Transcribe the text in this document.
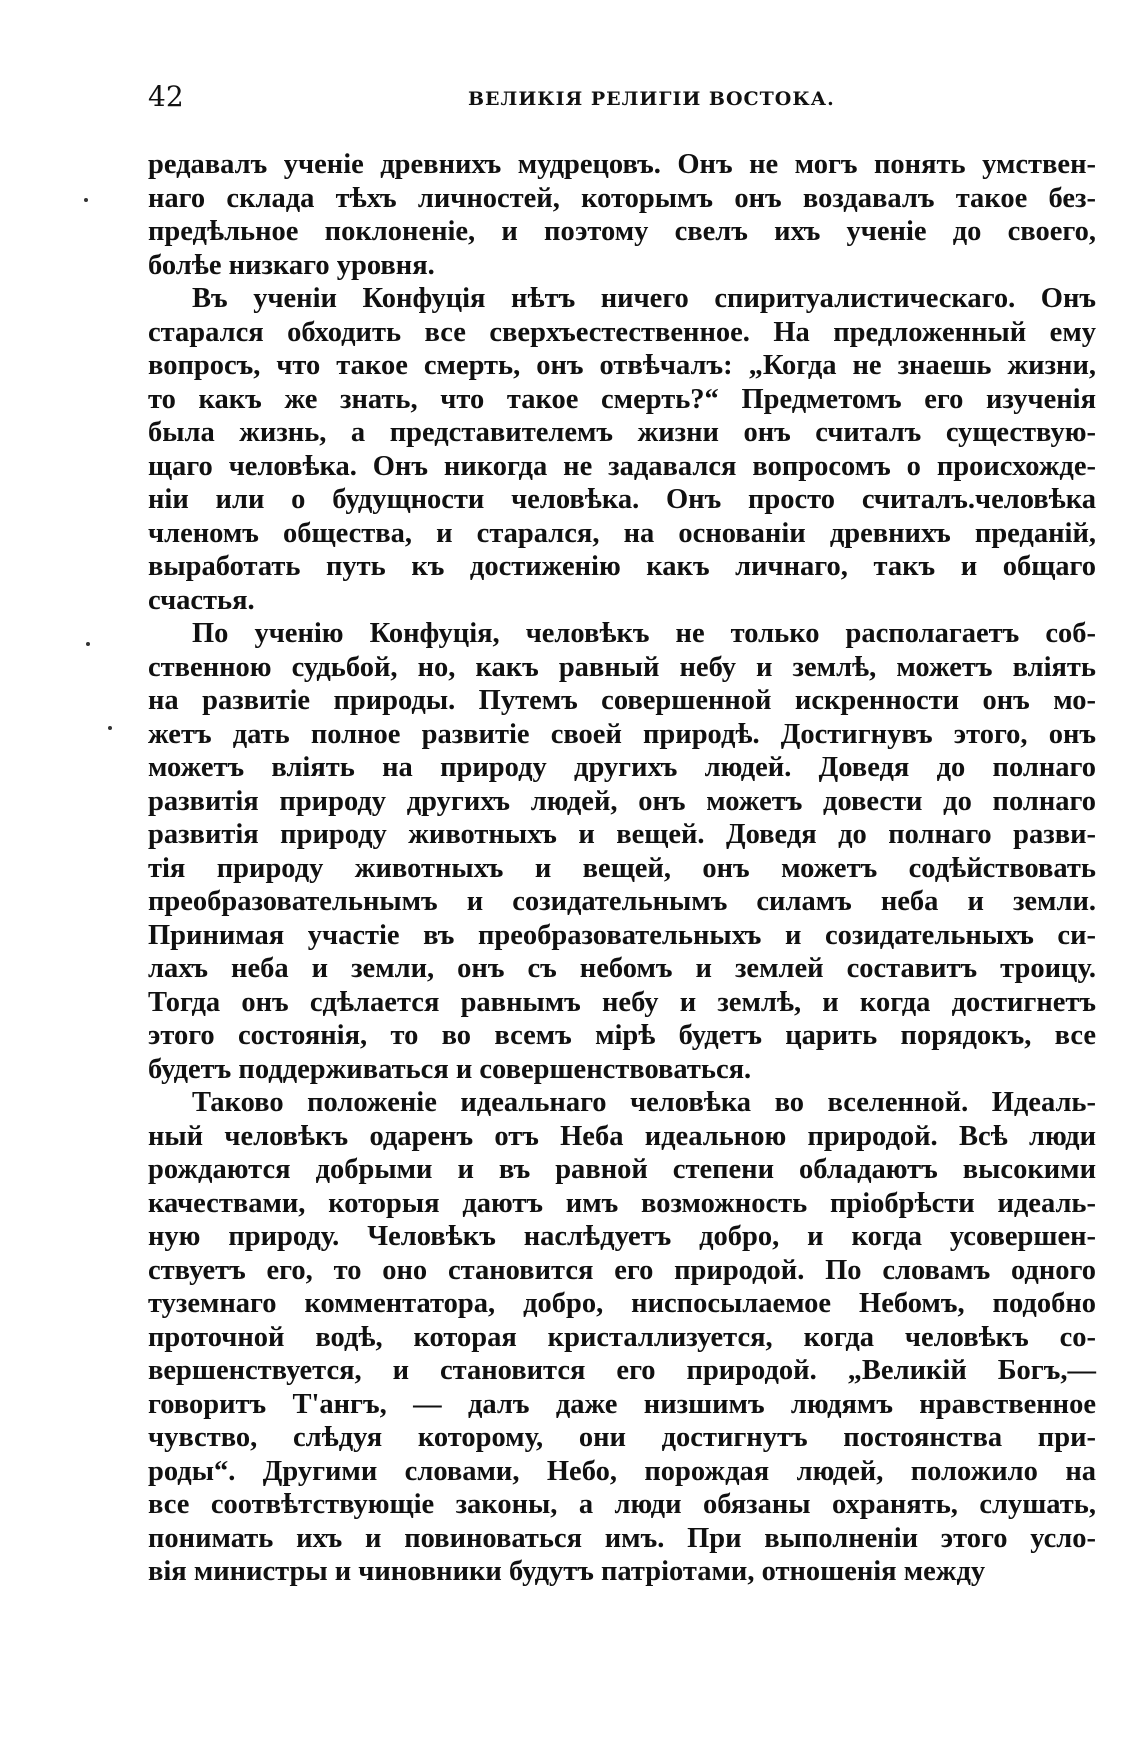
42	ВЕЛИКІЯ РЕЛИГІИ ВОСТОКА.
редавалъ ученіе древнихъ мудрецовъ. Онъ не могъ понять умствен-
наго склада тѣхъ личностей, которымъ онъ воздавалъ такое без-
предѣльное поклоненіе, и поэтому свелъ ихъ ученіе до своего,
болѣе низкаго уровня.
Въ ученіи Конфуція нѣтъ ничего спиритуалистическаго. Онъ
старался обходить все сверхъестественное. На предложенный ему
вопросъ, что такое смерть, онъ отвѣчалъ: „Когда не знаешь жизни,
то какъ же знать, что такое смерть?“ Предметомъ его изученія
была жизнь, а представителемъ жизни онъ считалъ существую-
щаго человѣка. Онъ никогда не задавался вопросомъ о происхожде-
ніи или о будущности человѣка. Онъ просто считалъ.человѣка
членомъ общества, и старался, на основаніи древнихъ преданій,
выработать путь къ достиженію какъ личнаго, такъ и общаго
счастья.
По ученію Конфуція, человѣкъ не только располагаетъ соб-
ственною судьбой, но, какъ равный небу и землѣ, можетъ вліять
на развитіе природы. Путемъ совершенной искренности онъ мо-
жетъ дать полное развитіе своей природѣ. Достигнувъ этого, онъ
можетъ вліять на природу другихъ людей. Доведя до полнаго
развитія природу другихъ людей, онъ можетъ довести до полнаго
развитія природу животныхъ и вещей. Доведя до полнаго разви-
тія природу животныхъ и вещей, онъ можетъ содѣйствовать
преобразовательнымъ и созидательнымъ силамъ неба и земли.
Принимая участіе въ преобразовательныхъ и созидательныхъ си-
лахъ неба и земли, онъ съ небомъ и землей составитъ троицу.
Тогда онъ сдѣлается равнымъ небу и землѣ, и когда достигнетъ
этого состоянія, то во всемъ мірѣ будетъ царить порядокъ, все
будетъ поддерживаться и совершенствоваться.
Таково положеніе идеальнаго человѣка во вселенной. Идеаль-
ный человѣкъ одаренъ отъ Неба идеальною природой. Всѣ люди
рождаются добрыми и въ равной степени обладаютъ высокими
качествами, которыя даютъ имъ возможность пріобрѣсти идеаль-
ную природу. Человѣкъ наслѣдуетъ добро, и когда усовершен-
ствуетъ его, то оно становится его природой. По словамъ одного
туземнаго комментатора, добро, ниспосылаемое Небомъ, подобно
проточной водѣ, которая кристаллизуется, когда человѣкъ со-
вершенствуется, и становится его природой. „Великій Богъ,—
говоритъ Т'ангъ, — далъ даже низшимъ людямъ нравственное
чувство, слѣдуя которому, они достигнутъ постоянства при-
роды“. Другими словами, Небо, порождая людей, положило на
все соотвѣтствующіе законы, а люди обязаны охранять, слушать,
понимать ихъ и повиноваться имъ. При выполненіи этого усло-
вія министры и чиновники будутъ патріотами, отношенія между
